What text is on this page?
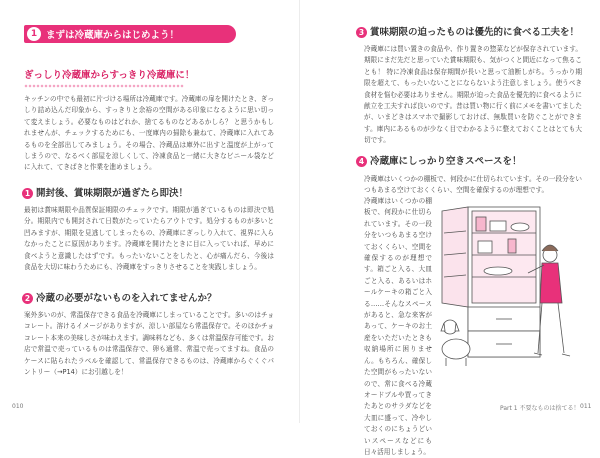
1 まずは冷蔵庫からはじめよう！
ぎっしり冷蔵庫からすっきり冷蔵庫に！
キッチンの中でも最初に片づける場所は冷蔵庫です。冷蔵庫の扉を開けたとき、ぎっしり詰め込んだ印象から、すっきりと余裕の空間がある印象になるように思い切って変えましょう。必要なものはどれか、捨てるものなどあるかしら？ と思うかもしれませんが、チェックするためにも、一度庫内の掃除も兼ねて、冷蔵庫に入れてあるものを全部出してみましょう。その場合、冷蔵品は庫外に出すと温度が上がってしまうので、なるべく部屋を涼しくして、冷凍食品と一緒に大きなビニール袋などに入れて、てきぱきと作業を進めましょう。
1 開封後、賞味期限が過ぎたら即決！
最初は賞味期限や品質保証期限のチェックです。期限が過ぎているものは即決で処分。期限内でも開封されて日数がたっていたらアウトです。処分するものが多いと凹みますが、期限を見逃してしまったもの、冷蔵庫にぎっしり入れて、視界に入らなかったことに原因があります。冷蔵庫を開けたときに目に入っていれば、早めに食べようと意識したはずです。もったいないことをしたと、心が痛んだら、今後は食品を大切に味わうためにも、冷蔵庫をすっきりさせることを実践しましょう。
2 冷蔵の必要がないものを入れてませんか？
案外多いのが、常温保存できる食品を冷蔵庫にしまっていることです。多いのはチョコレート。溶けるイメージがありますが、涼しい部屋なら常温保存で。そのほかチョコレート本来の美味しさが味わえます。調味料なども、多くは常温保存可能です。お店で常温で売っているものは常温保存で、卵も通常、常温で売ってますね。食品のケースに貼られたラベルを確認して、常温保存できるものは、冷蔵庫からぐくぐパントリー（→P14）にお引越しを！
010
3 賞味期限の迫ったものは優先的に食べる工夫を！
冷蔵庫には買い置きの食品や、作り置きの惣菜などが保存されています。期限にまだ先だと思っていた賞味期限も、気がつくと間近になって焦ることも！ 特に冷凍食品は保存期間が長いと思って油断しがち。うっかり期限を超えて、もったいないことにならないよう注意しましょう。使うべき食材を悩む必要はありません。期限が迫った食品を優先的に食べるように献立を工夫すれば良いのです。昔は買い物に行く前にメモを書いてましたが、いまどきはスマホで撮影しておけば、無駄買いを防ぐことができます。庫内にあるものが少なく目でわかるように整えておくことはとても大切です。
4 冷蔵庫にしっかり空きスペースを！
冷蔵庫はいくつかの棚板で、何段かに仕切られています。その一段分をいつもあまる空けておくくらい、空間を確保するのが理想です。
冷蔵庫はいくつかの棚板で、何段かに仕切られています。その一段分をいつもあまる空けておくくらい、空間を確保するのが理想です。箱ごと入る、大皿ごと入る、あるいはホールケーキの箱ごと入る……そんなスペースがあると、急な来客があって、ケーキのお土産をいただいたときも収納場所に困りません。もちろん、確保した空間がもったいないので、常に食べる冷蔵オードブルや買ってきたあとのサラダなどを大皿に盛って、冷やしておくのにちょうどいいスペースなどにも日々活用しましょう。
Part 1 不要なものは捨てる！ 011
